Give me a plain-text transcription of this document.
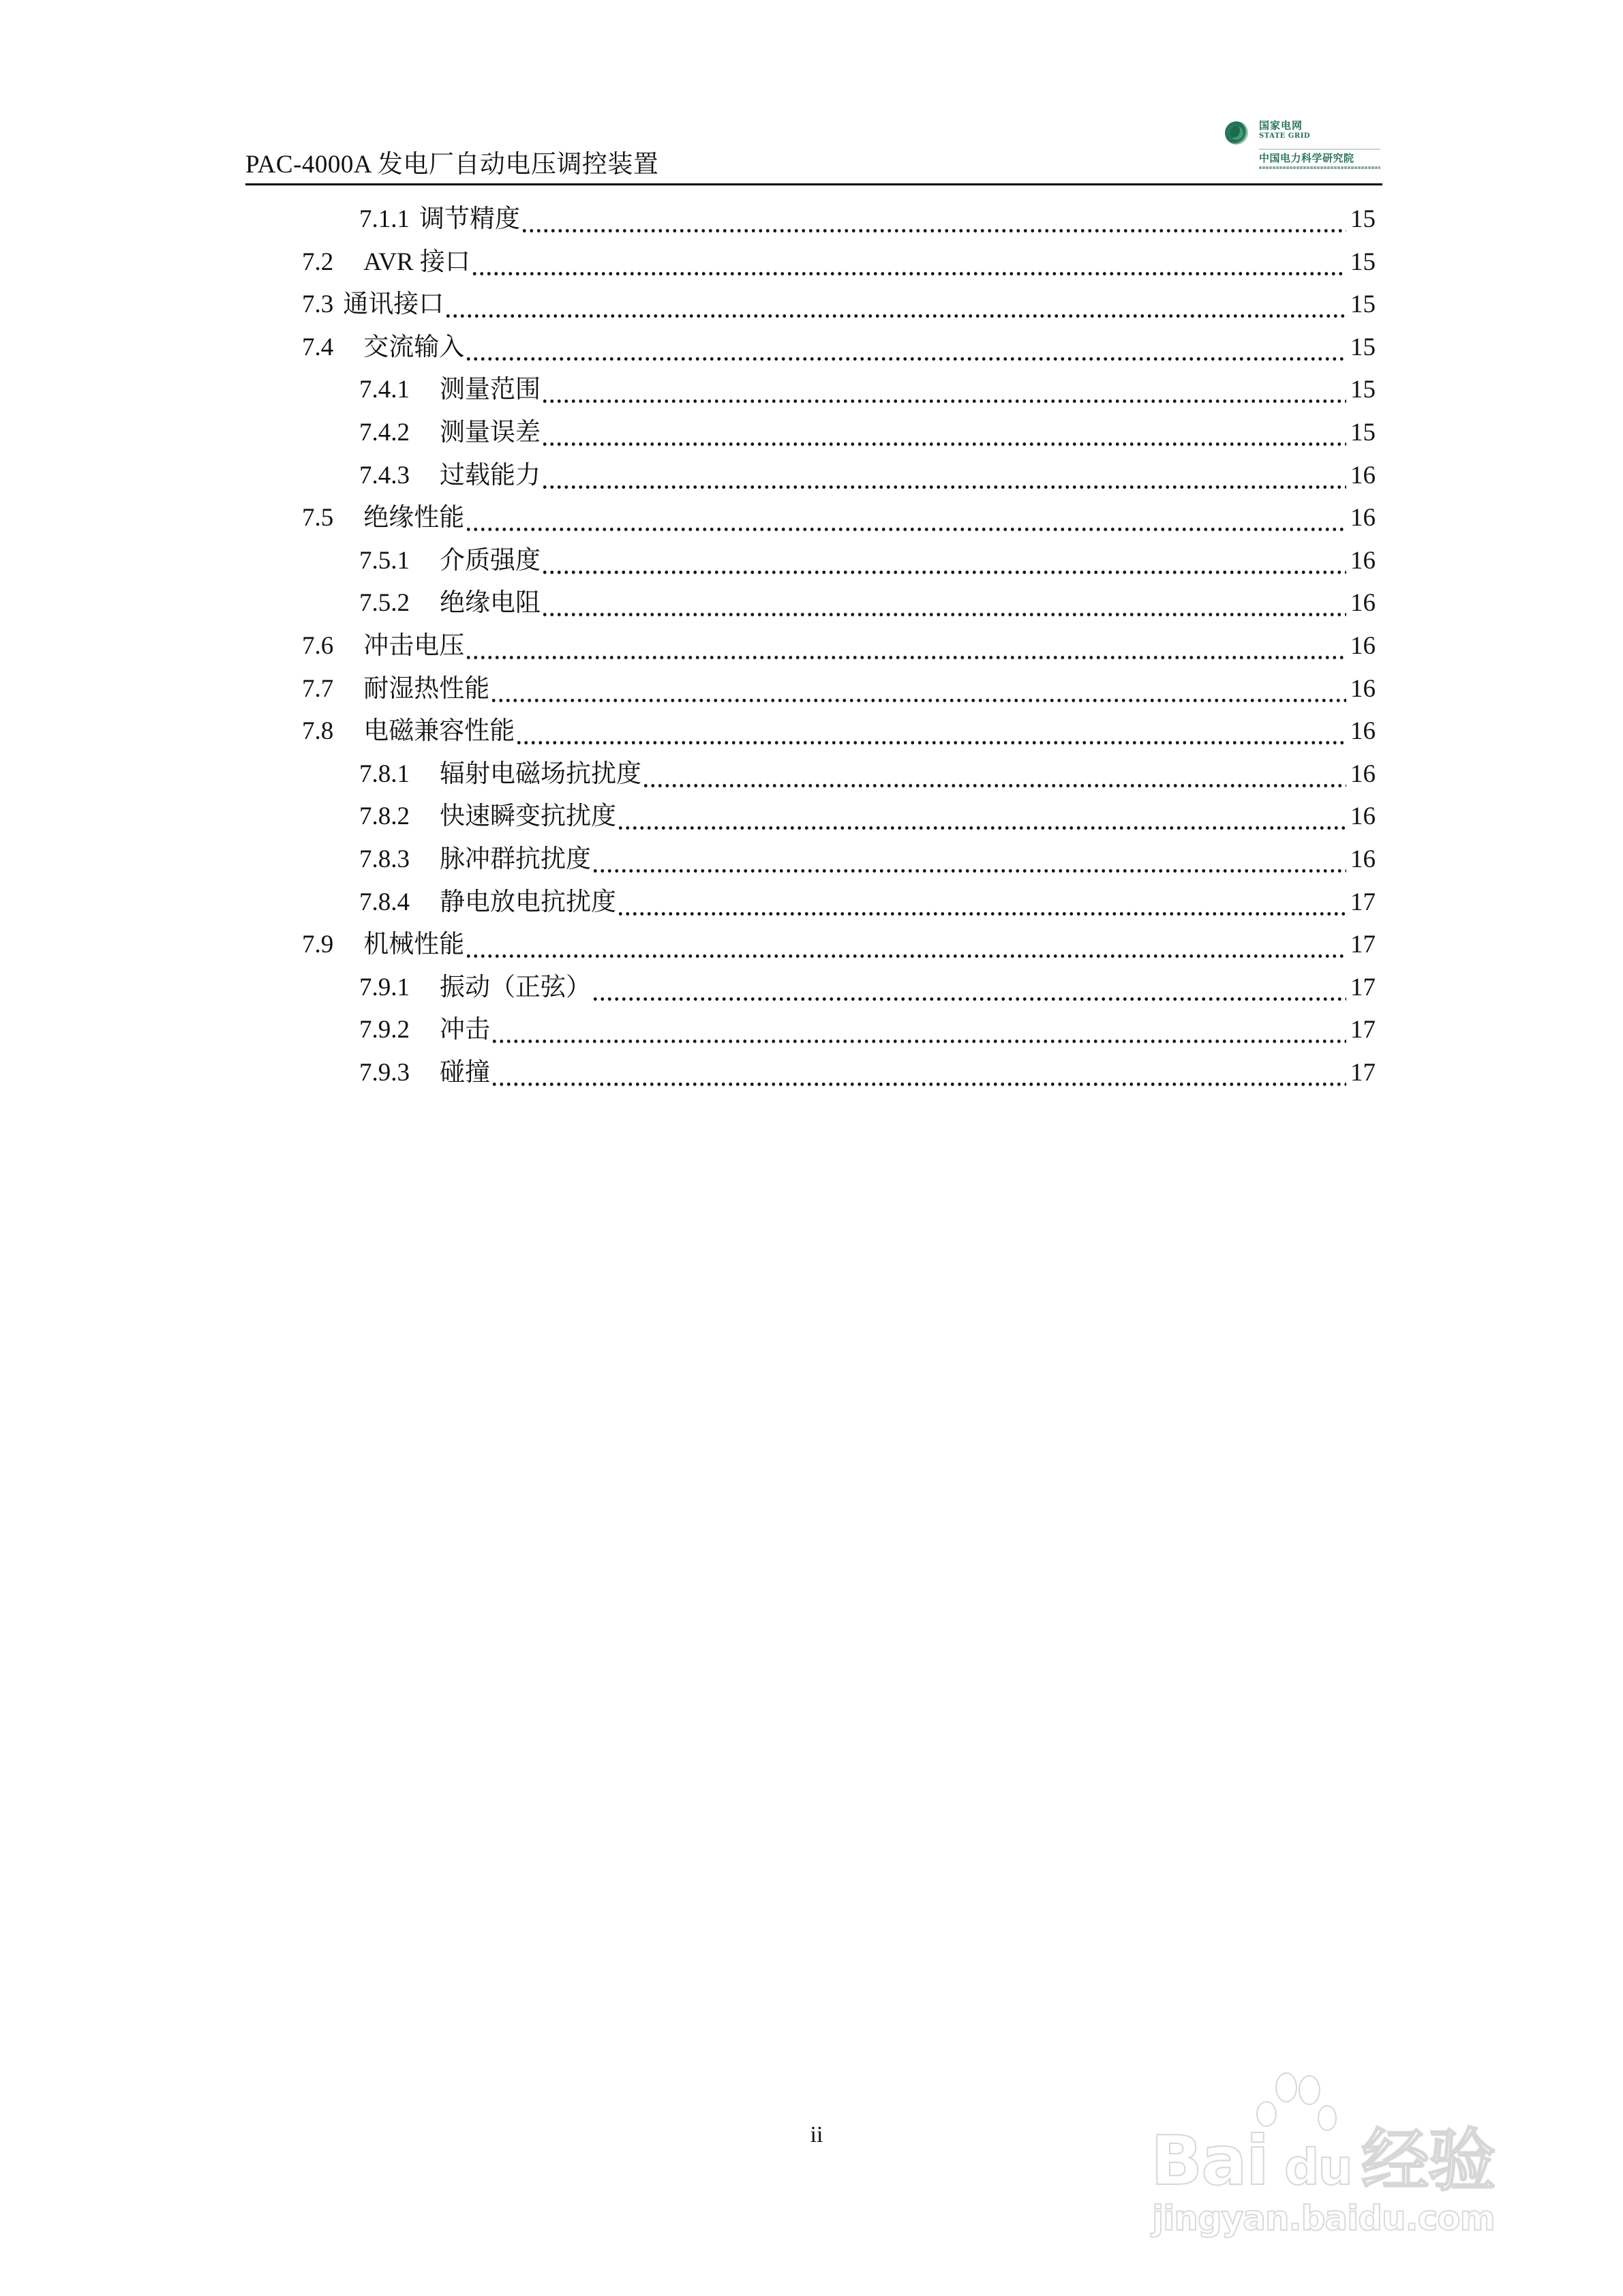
PAC-4000A 发电厂自动电压调控装置
国家电网
STATE GRID
中国电力科学研究院
7.1.1 调节精度	15
7.2 AVR 接口	15
7.3 通讯接口	15
7.4 交流输入	15
7.4.1 测量范围	15
7.4.2 测量误差	15
7.4.3 过载能力	16
7.5 绝缘性能	16
7.5.1 介质强度	16
7.5.2 绝缘电阻	16
7.6 冲击电压	16
7.7 耐湿热性能	16
7.8 电磁兼容性能	16
7.8.1 辐射电磁场抗扰度	16
7.8.2 快速瞬变抗扰度	16
7.8.3 脉冲群抗扰度	16
7.8.4 静电放电抗扰度	17
7.9 机械性能	17
7.9.1 振动（正弦）	17
7.9.2 冲击	17
7.9.3 碰撞	17
ii	Bai du 经验
jingyan.baidu.com
